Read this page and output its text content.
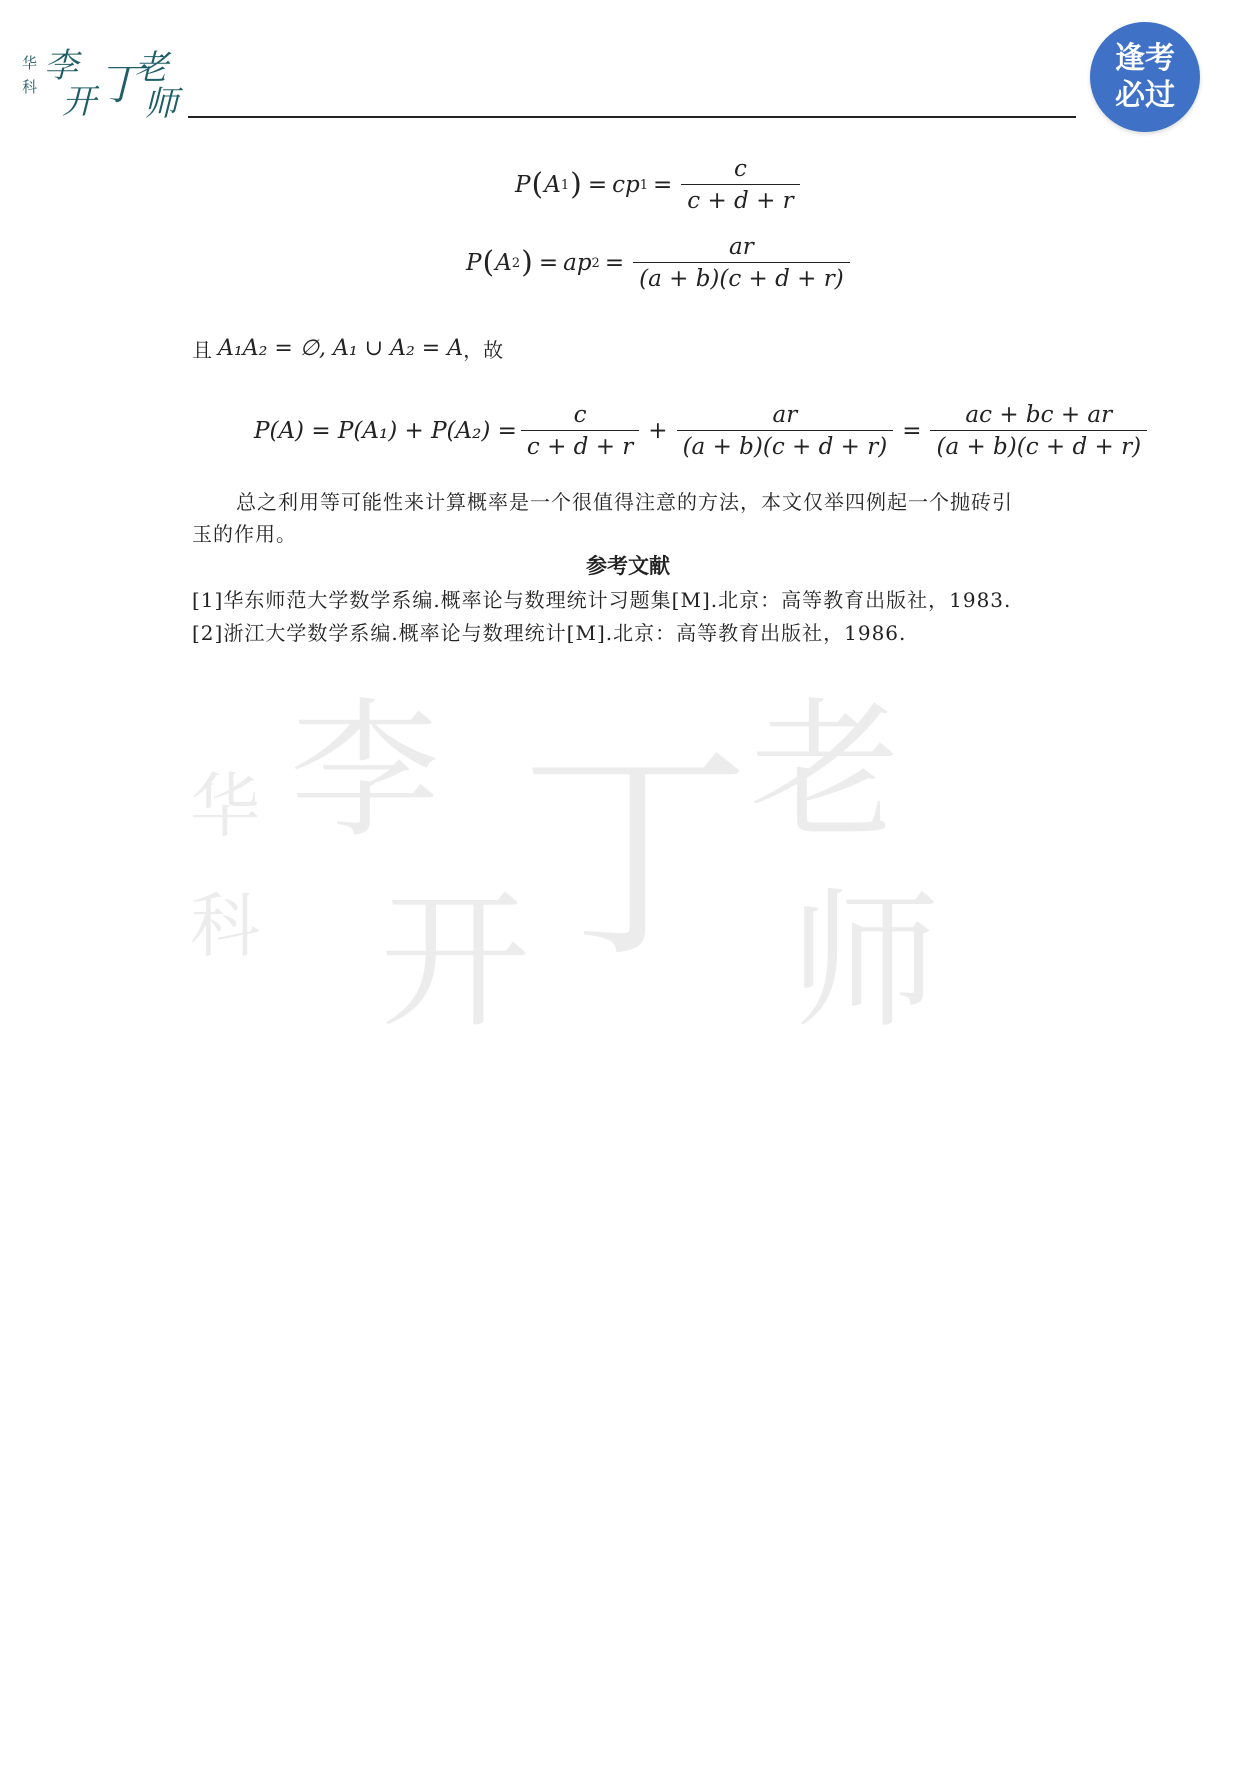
华
科
李
开 丁
老
师
逢考
必过
华
科
李
开
丁 老
师
P ( A 1 ) = cp $1 = \frac{c}{c + d + r}$
P ( A 2 ) = ap $2 = \frac{ar}{(a + b)(c + d + r)}$
且 A₁A₂ = ∅, A₁ ∪ A₂ = A ，故
$P(A) = P(A_1) + P(A_2) = \frac{c}{c + d + r} + \frac{ar}{(a + b)(c + d + r)} = \frac{ac + bc + ar}{(a + b)(c + d + r)}$
总之利用等可能性来计算概率是一个很值得注意的方法，本文仅举四例起一个抛砖引
玉的作用。
参考文献
[1]华东师范大学数学系编.概率论与数理统计习题集[M].北京：高等教育出版社，1983.
[2]浙江大学数学系编.概率论与数理统计[M].北京：高等教育出版社，1986.
